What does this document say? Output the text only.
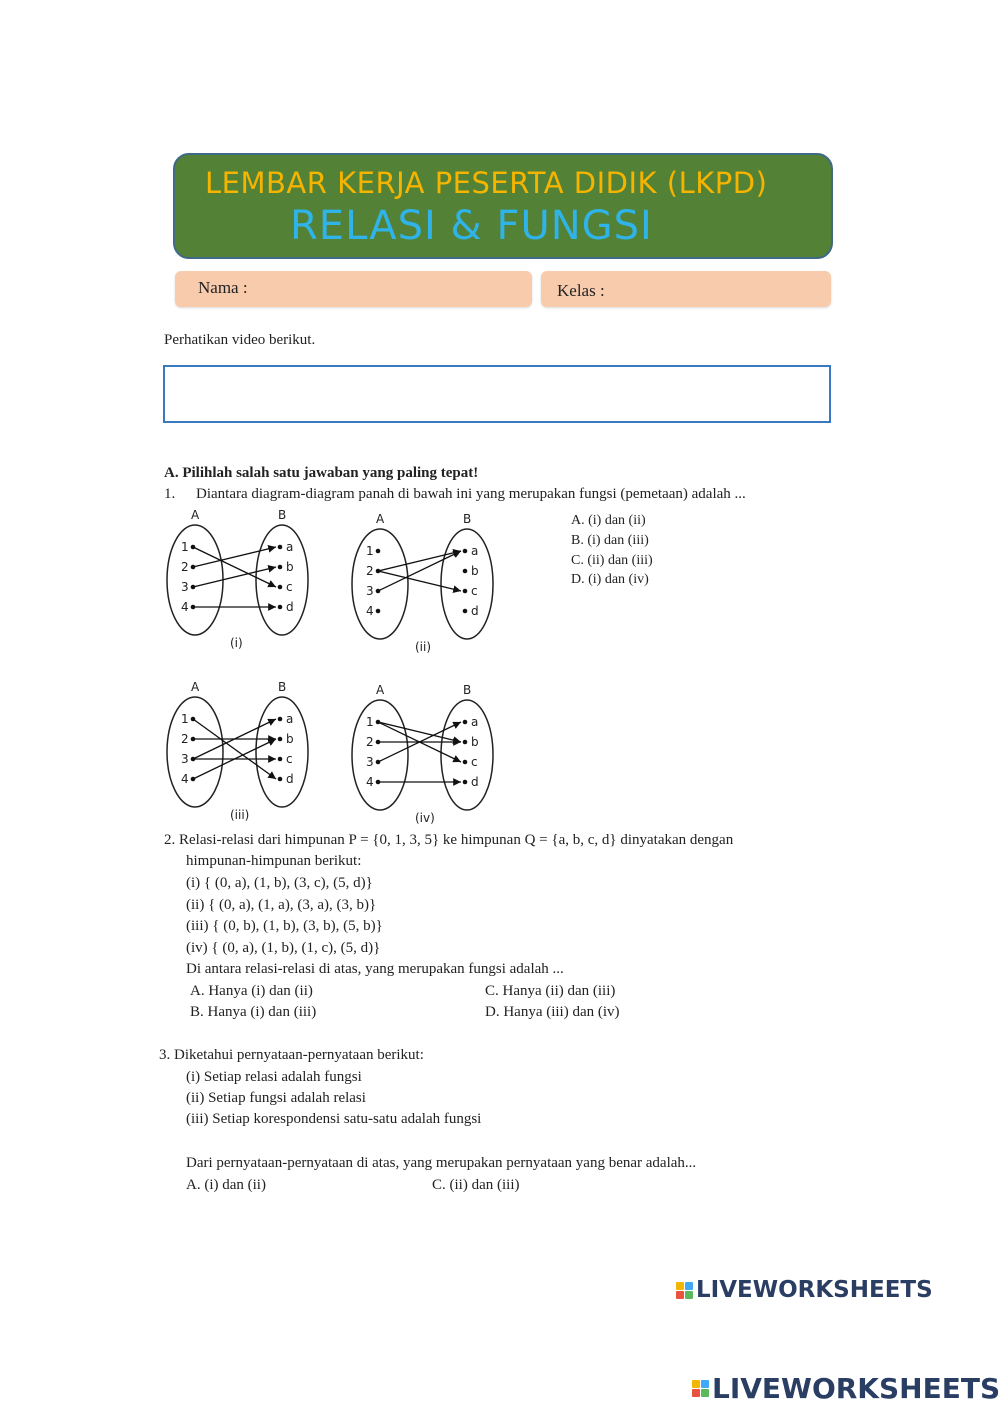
LEMBAR KERJA PESERTA DIDIK (LKPD)
RELASI & FUNGSI
Nama :	Kelas :
Perhatikan video berikut.
A. Pilihlah salah satu jawaban yang paling tepat!
1. Diantara diagram-diagram panah di bawah ini yang merupakan fungsi (pemetaan) adalah ...
A. (i) dan (ii)
B. (i) dan (iii)
C. (ii) dan (iii)
D. (i) dan (iv)
A	B
1
2
3
4
a
b
c
d
(i)
A	B
1
2
3
4
a
b
c
d
(ii)
A	B
1
2
3
4
a
b
c
d
(iii)
A	B
1
2
3
4
a
b
c
d
(iv)
2. Relasi-relasi dari himpunan P = {0, 1, 3, 5} ke himpunan Q = {a, b, c, d} dinyatakan dengan
himpunan-himpunan berikut:
(i) { (0, a), (1, b), (3, c), (5, d)}
(ii) { (0, a), (1, a), (3, a), (3, b)}
(iii) { (0, b), (1, b), (3, b), (5, b)}
(iv) { (0, a), (1, b), (1, c), (5, d)}
Di antara relasi-relasi di atas, yang merupakan fungsi adalah ...
A. Hanya (i) dan (ii)
B. Hanya (i) dan (iii)
C. Hanya (ii) dan (iii)
D. Hanya (iii) dan (iv)
3. Diketahui pernyataan-pernyataan berikut:
(i) Setiap relasi adalah fungsi
(ii) Setiap fungsi adalah relasi
(iii) Setiap korespondensi satu-satu adalah fungsi
Dari pernyataan-pernyataan di atas, yang merupakan pernyataan yang benar adalah...
A. (i) dan (ii)	C. (ii) dan (iii)
LIVEWORKSHEETS
LIVEWORKSHEETS
